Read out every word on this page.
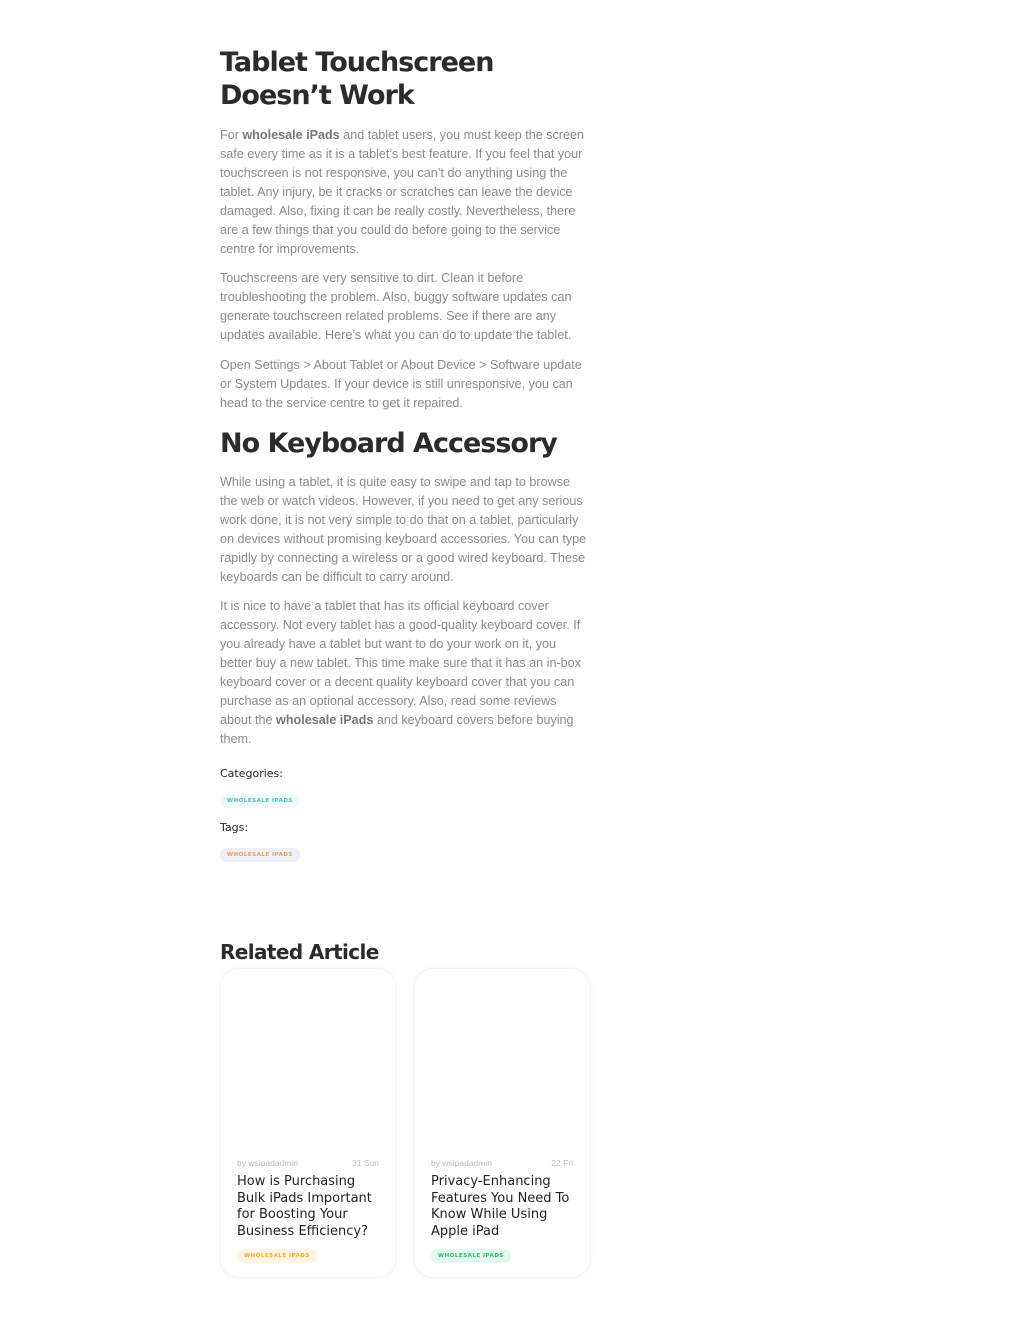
Tablet Touchscreen Doesn’t Work

For wholesale iPads and tablet users, you must keep the screen safe every time as it is a tablet’s best feature. If you feel that your touchscreen is not responsive, you can’t do anything using the tablet. Any injury, be it cracks or scratches can leave the device damaged. Also, fixing it can be really costly. Nevertheless, there are a few things that you could do before going to the service centre for improvements.

Touchscreens are very sensitive to dirt. Clean it before troubleshooting the problem. Also, buggy software updates can generate touchscreen related problems. See if there are any updates available. Here’s what you can do to update the tablet.

Open Settings > About Tablet or About Device > Software update or System Updates. If your device is still unresponsive, you can head to the service centre to get it repaired.

No Keyboard Accessory

While using a tablet, it is quite easy to swipe and tap to browse the web or watch videos. However, if you need to get any serious work done, it is not very simple to do that on a tablet, particularly on devices without promising keyboard accessories. You can type rapidly by connecting a wireless or a good wired keyboard. These keyboards can be difficult to carry around.

It is nice to have a tablet that has its official keyboard cover accessory. Not every tablet has a good-quality keyboard cover. If you already have a tablet but want to do your work on it, you better buy a new tablet. This time make sure that it has an in-box keyboard cover or a decent quality keyboard cover that you can purchase as an optional accessory. Also, read some reviews about the wholesale iPads and keyboard covers before buying them.

Categories:
WHOLESALE IPADS
Tags:
WHOLESALE IPADS
Related Article
by wsipadadmin	31 Sun
How is Purchasing Bulk iPads Important for Boosting Your Business Efficiency?
WHOLESALE IPADS
by wsipadadmin	22 Fri
Privacy-Enhancing Features You Need To Know While Using Apple iPad
WHOLESALE IPADS
